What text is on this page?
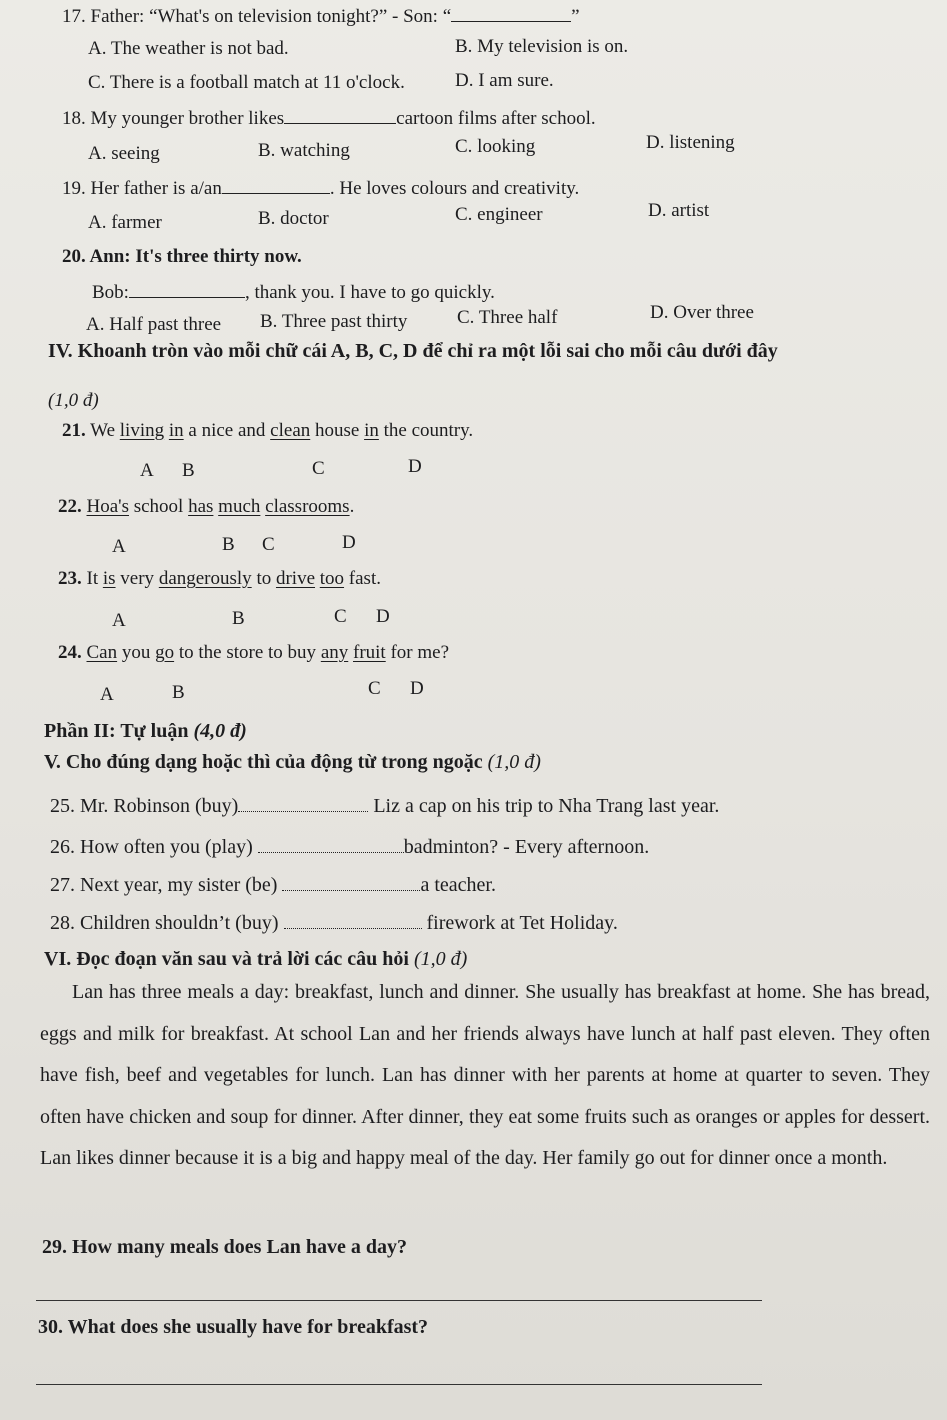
17. Father: “What's on television tonight?” - Son: “	”
A. The weather is not bad.	B. My television is on.
C. There is a football match at 11 o'clock.	D. I am sure.
18. My younger brother likes	cartoon films after school.
A. seeing	B. watching	C. looking	D. listening
19. Her father is a/an	. He loves colours and creativity.
A. farmer	B. doctor	C. engineer	D. artist
20. Ann: It's three thirty now.
Bob:	, thank you. I have to go quickly.
A. Half past three B. Three past thirty	C. Three half	D. Over three
IV. Khoanh tròn vào mỗi chữ cái A, B, C, D để chỉ ra một lỗi sai cho mỗi câu dưới đây
(1,0 đ)
21. We living in a nice and clean house in the country.
A B	C	D
22. Hoa's school has much classrooms.
A	B C	D
23. It is very dangerously to drive too fast.
A	B	C D
24. Can you go to the store to buy any fruit for me?
A	B	C D
Phần II: Tự luận (4,0 đ)
V. Cho đúng dạng hoặc thì của động từ trong ngoặc (1,0 đ)
25. Mr. Robinson (buy)	Liz a cap on his trip to Nha Trang last year.
26. How often you (play)	badminton? - Every afternoon.
27. Next year, my sister (be)	a teacher.
28. Children shouldn’t (buy)	firework at Tet Holiday.
VI. Đọc đoạn văn sau và trả lời các câu hỏi (1,0 đ)
Lan has three meals a day: breakfast, lunch and dinner. She usually has breakfast at home. She has bread, eggs and milk for breakfast. At school Lan and her friends always have lunch at half past eleven. They often have fish, beef and vegetables for lunch. Lan has dinner with her parents at home at quarter to seven. They often have chicken and soup for dinner. After dinner, they eat some fruits such as oranges or apples for dessert. Lan likes dinner because it is a big and happy meal of the day. Her family go out for dinner once a month.
29. How many meals does Lan have a day?
30. What does she usually have for breakfast?
